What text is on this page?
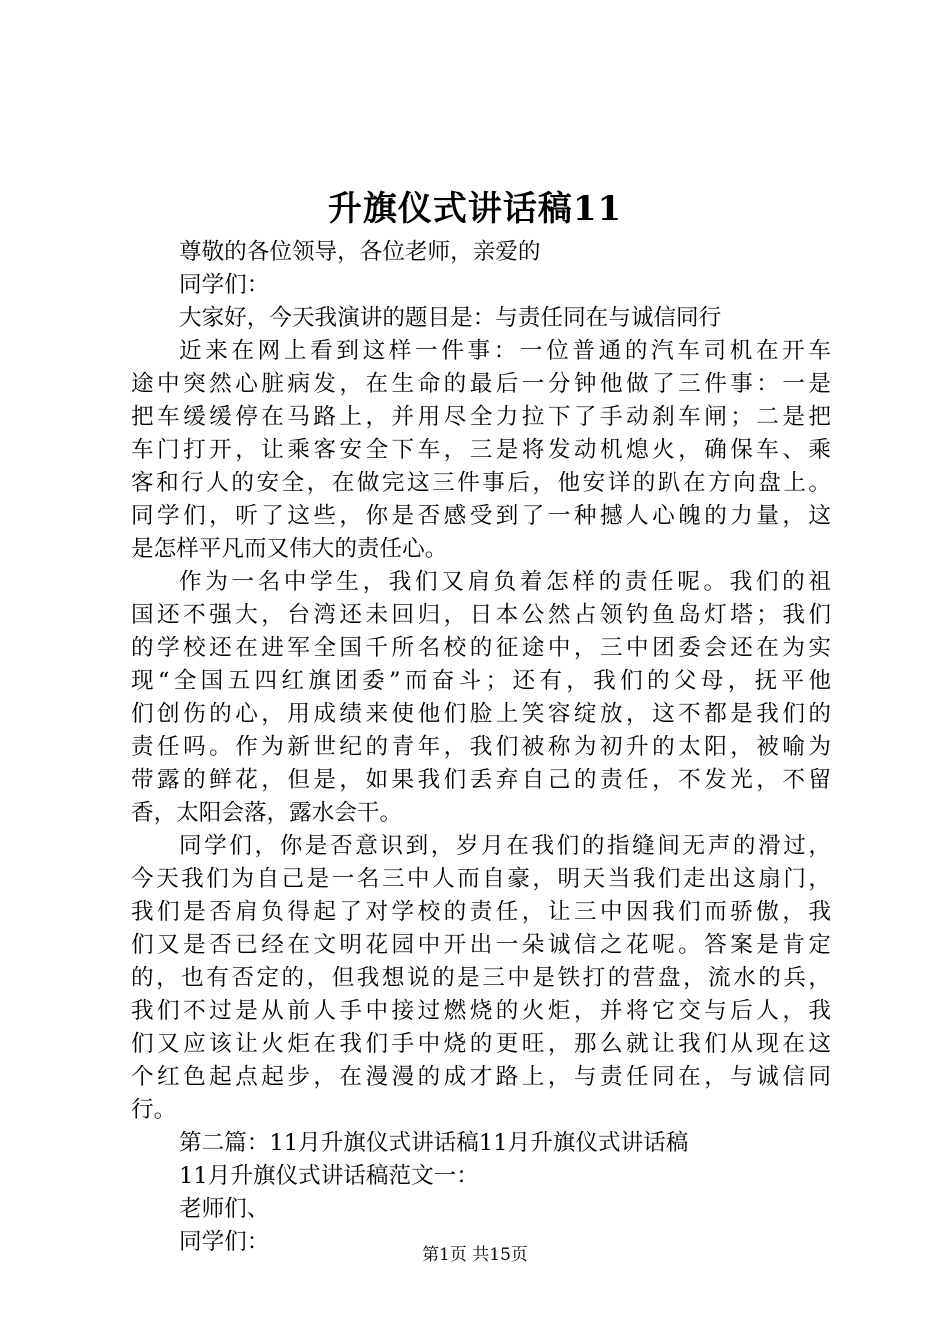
升旗仪式讲话稿11
尊敬的各位领导，各位老师，亲爱的
同学们：
大家好，今天我演讲的题目是：与责任同在与诚信同行
近来在网上看到这样一件事：一位普通的汽车司机在开车
途中突然心脏病发，在生命的最后一分钟他做了三件事：一是
把车缓缓停在马路上，并用尽全力拉下了手动刹车闸；二是把
车门打开，让乘客安全下车，三是将发动机熄火，确保车、乘
客和行人的安全，在做完这三件事后，他安详的趴在方向盘上。
同学们，听了这些，你是否感受到了一种撼人心魄的力量，这
是怎样平凡而又伟大的责任心。
作为一名中学生，我们又肩负着怎样的责任呢。我们的祖
国还不强大，台湾还未回归，日本公然占领钓鱼岛灯塔；我们
的学校还在进军全国千所名校的征途中，三中团委会还在为实
现“全国五四红旗团委”而奋斗；还有，我们的父母，抚平他
们创伤的心，用成绩来使他们脸上笑容绽放，这不都是我们的
责任吗。作为新世纪的青年，我们被称为初升的太阳，被喻为
带露的鲜花，但是，如果我们丢弃自己的责任，不发光，不留
香，太阳会落，露水会干。
同学们，你是否意识到，岁月在我们的指缝间无声的滑过，
今天我们为自己是一名三中人而自豪，明天当我们走出这扇门，
我们是否肩负得起了对学校的责任，让三中因我们而骄傲，我
们又是否已经在文明花园中开出一朵诚信之花呢。答案是肯定
的，也有否定的，但我想说的是三中是铁打的营盘，流水的兵，
我们不过是从前人手中接过燃烧的火炬，并将它交与后人，我
们又应该让火炬在我们手中烧的更旺，那么就让我们从现在这
个红色起点起步，在漫漫的成才路上，与责任同在，与诚信同
行。
第二篇：11月升旗仪式讲话稿11月升旗仪式讲话稿
11月升旗仪式讲话稿范文一：
老师们、
同学们：	第1页 共15页
